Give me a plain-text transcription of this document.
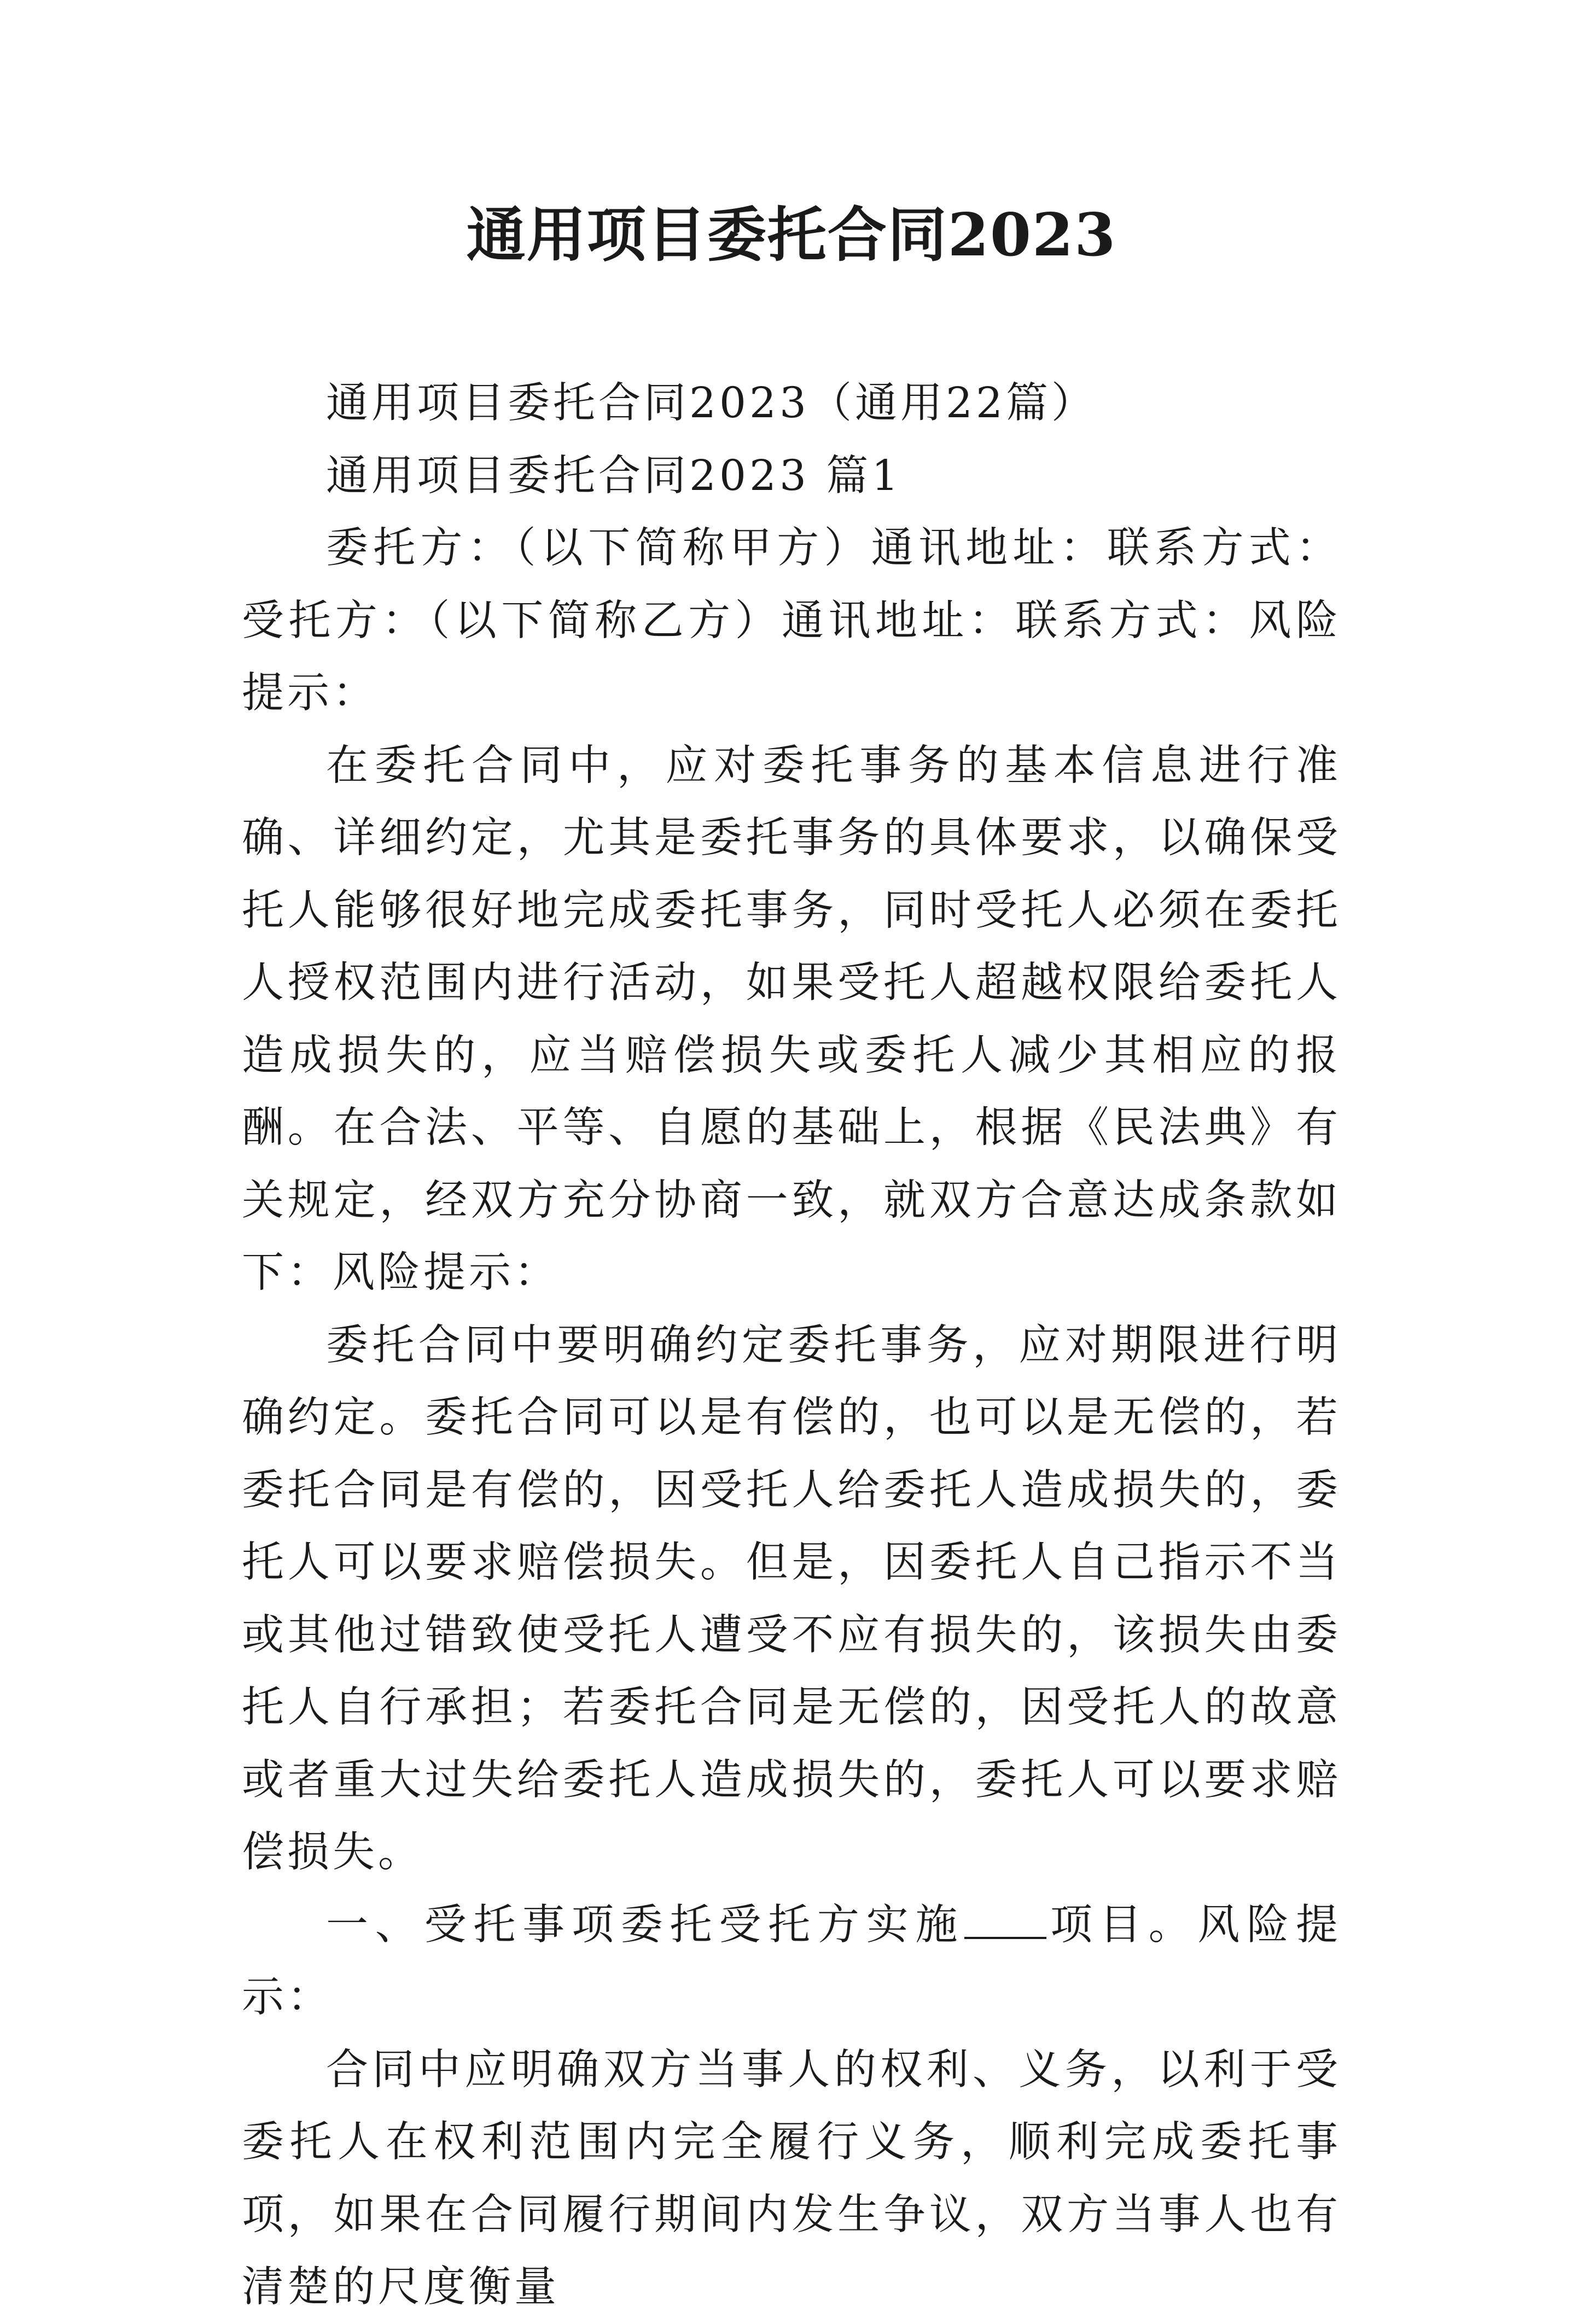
通用项目委托合同2023

通用项目委托合同2023（通用22篇）

通用项目委托合同2023 篇1

委托方：（以下简称甲方）通讯地址：联系方式：受托方：（以下简称乙方）通讯地址：联系方式：风险提示：

在委托合同中，应对委托事务的基本信息进行准确、详细约定，尤其是委托事务的具体要求，以确保受托人能够很好地完成委托事务，同时受托人必须在委托人授权范围内进行活动，如果受托人超越权限给委托人造成损失的，应当赔偿损失或委托人减少其相应的报酬。在合法、平等、自愿的基础上，根据《民法典》有关规定，经双方充分协商一致，就双方合意达成条款如下：风险提示：

委托合同中要明确约定委托事务，应对期限进行明确约定。委托合同可以是有偿的，也可以是无偿的，若委托合同是有偿的，因受托人给委托人造成损失的，委托人可以要求赔偿损失。但是，因委托人自己指示不当或其他过错致使受托人遭受不应有损失的，该损失由委托人自行承担；若委托合同是无偿的，因受托人的故意或者重大过失给委托人造成损失的，委托人可以要求赔偿损失。

一、受托事项委托受托方实施 项目。风险提示：

合同中应明确双方当事人的权利、义务，以利于受委托人在权利范围内完全履行义务，顺利完成委托事项，如果在合同履行期间内发生争议，双方当事人也有清楚的尺度衡量
